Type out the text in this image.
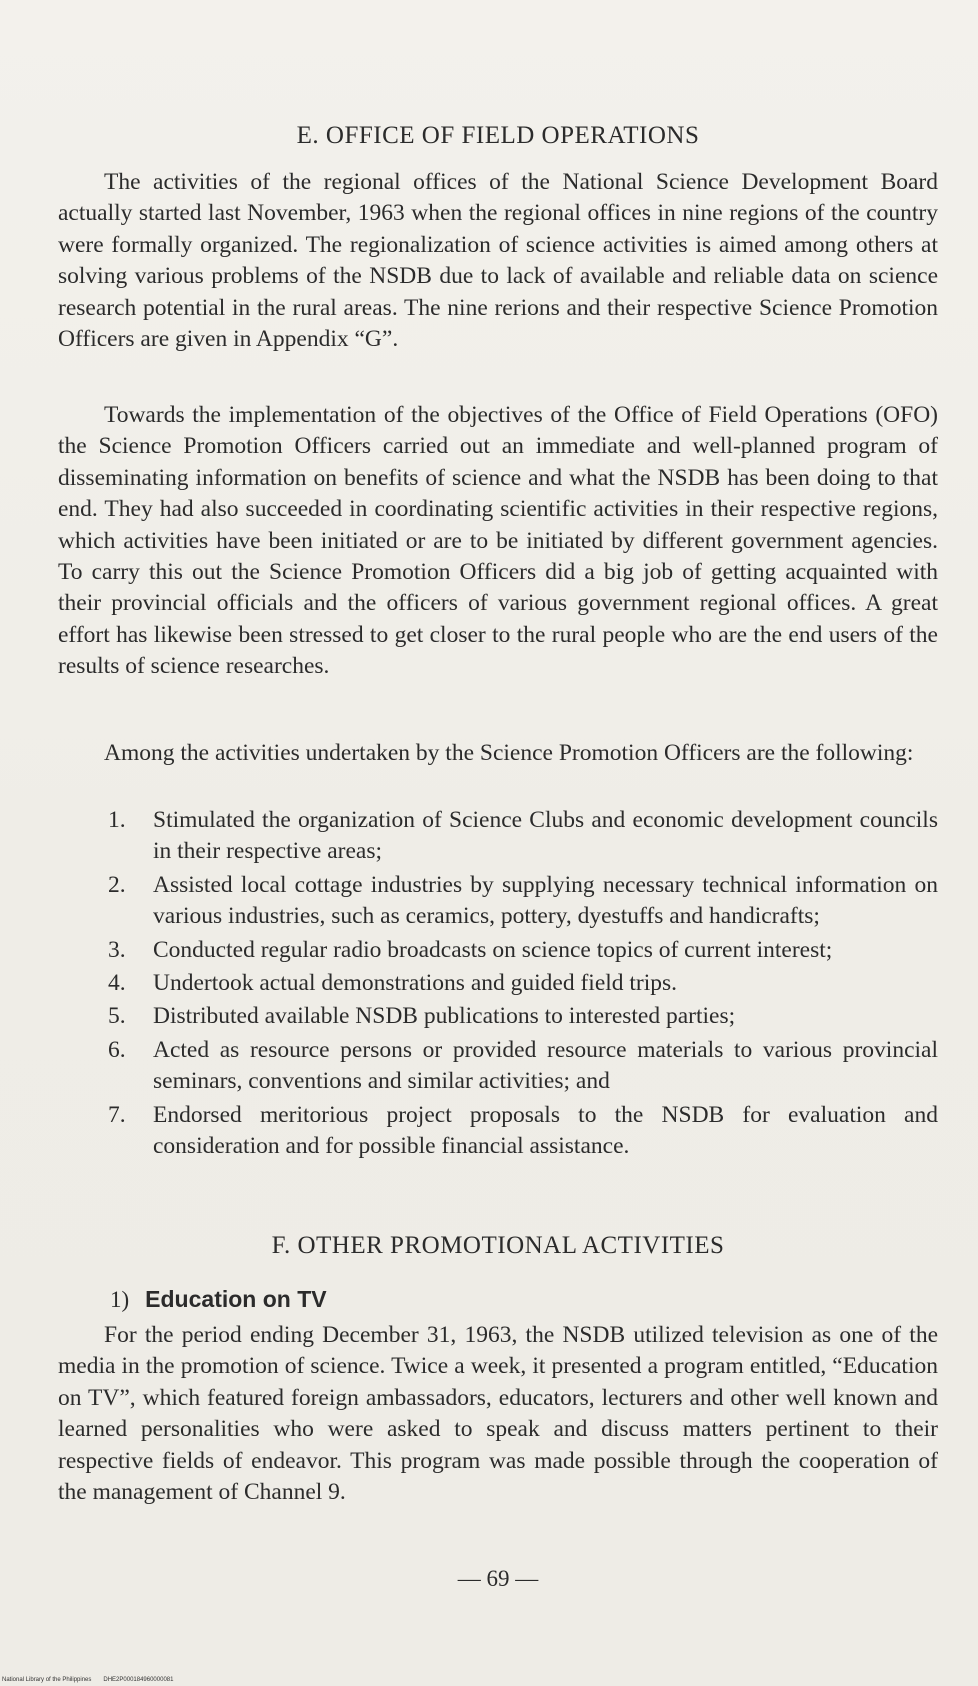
E. OFFICE OF FIELD OPERATIONS

The activities of the regional offices of the National Science Development Board actually started last November, 1963 when the regional offices in nine regions of the country were formally organized. The regionalization of science activities is aimed among others at solving various problems of the NSDB due to lack of available and reliable data on science research potential in the rural areas. The nine rerions and their respective Science Promotion Officers are given in Appendix “G”.

Towards the implementation of the objectives of the Office of Field Operations (OFO) the Science Promotion Officers carried out an immediate and well-planned program of disseminating information on benefits of science and what the NSDB has been doing to that end. They had also succeeded in coordinating scientific activities in their respective regions, which activities have been initiated or are to be initiated by different government agencies. To carry this out the Science Promotion Officers did a big job of getting acquainted with their provincial officials and the officers of various government regional offices. A great effort has likewise been stressed to get closer to the rural people who are the end users of the results of science researches.

Among the activities undertaken by the Science Promotion Officers are the following:

1. Stimulated the organization of Science Clubs and economic development councils in their respective areas;
2. Assisted local cottage industries by supplying necessary technical information on various industries, such as ceramics, pottery, dyestuffs and handicrafts;
3. Conducted regular radio broadcasts on science topics of current interest;
4. Undertook actual demonstrations and guided field trips.
5. Distributed available NSDB publications to interested parties;
6. Acted as resource persons or provided resource materials to various provincial seminars, conventions and similar activities; and
7. Endorsed meritorious project proposals to the NSDB for evaluation and consideration and for possible financial assistance.
F. OTHER PROMOTIONAL ACTIVITIES
1) Education on TV

For the period ending December 31, 1963, the NSDB utilized television as one of the media in the promotion of science. Twice a week, it presented a program entitled, “Education on TV”, which featured foreign ambassadors, educators, lecturers and other well known and learned personalities who were asked to speak and discuss matters pertinent to their respective fields of endeavor. This program was made possible through the cooperation of the management of Channel 9.

— 69 —
National Library of the Philippines DHE2P000184960000081
